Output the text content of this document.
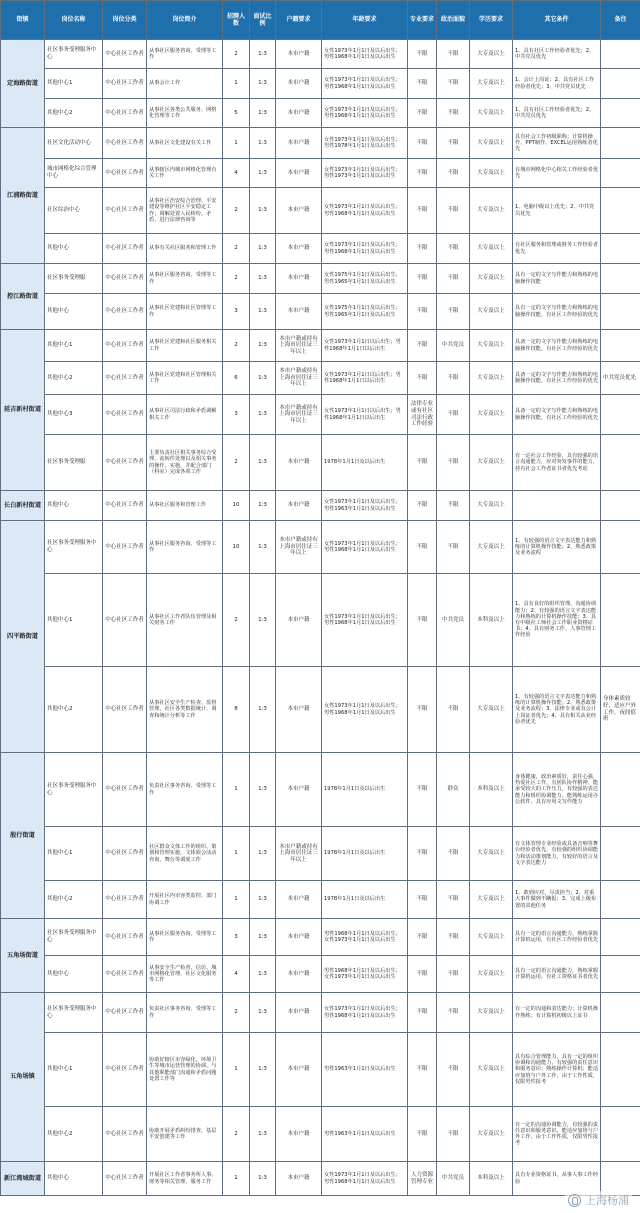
街镇	岗位名称	岗位分类	岗位简介	招聘人数	面试比例	户籍要求	年龄要求	专业要求	政治面貌	学历要求	其它条件	备注
定海路街道	社区事务受理服务中心	中心社区工作者	从事社区服务咨询、受理等工作	2	1:3	本市户籍	女性1973年1月1日及以后出生；男性1968年1月1日及以后出生	不限	不限	大专及以上	1、具有社区工作经验者优先；2、中共党员优先	
	其他中心1	中心社区工作者	从事会计工作	1	1:3	本市户籍	女性1973年1月1日及以后出生；男性1968年1月1日及以后出生	不限	不限	大专及以上	1、会计上岗证；2、具有社区工作经验者优先；3、中共党员优先	
	其他中心2	中心社区工作者	从事社区各类公共服务、网格化管理等工作	5	1:3	本市户籍	女性1973年1月1日及以后出生；男性1968年1月1日及以后出生	不限	不限	大专及以上	1、具有社区工作经验者优先；2、中共党员优先	
江浦路街道	社区文化活动中心	中心社区工作者	从事社区文化建设有关工作	1	1:3	本市户籍	女性1973年1月1日及以后出生；男性1978年1月1日及以后出生	不限	不限	大专及以上	具有社会工作初级职称；计算机操作、PPT制作、EXCEL运用熟练者优先	
	城市网格化综合管理中心	中心社区工作者	从事辖区内城市网格化管理有关工作	4	1:3	本市户籍	女性1973年1月1日及以后出生；男性1973年1月1日及以后出生	不限	不限	大专及以上	有城市网格化中心相关工作经验者优先	
	社区综治中心	中心社区工作者	从事社区治安综合治理、平安建设等维护社区平安稳定工作；调解处置人民纠纷、矛盾，进行法律咨询等	2	1:3	本市户籍	女性1973年1月1日及以后出生；男性1968年1月1日及以后出生	不限	不限	大专及以上	1、电脑中级以上优先；2、中共党员优先	
	其他中心	中心社区工作者	从事有关社区服务和管理工作	2	1:3	本市户籍	女性1973年1月1日及以后出生；男性1968年1月1日及以后出生	不限	不限	大专及以上	有社区服务和管理或财务工作经验者优先	
控江路街道	社区事务受理服	中心社区工作者	从事社区服务咨询、受理等工作	2	1:3	本市户籍	女性1975年1月1日及以后出生；男性1965年1月1日及以后出生	不限	不限	大专及以上	具有一定的文字写作能力和熟练的电脑操作技能	
	其他中心	中心社区工作者	从事社区党建和社区管理等工作	3	1:3	本市户籍	女性1975年1月1日及以后出生；男性1965年1月1日及以后出生	不限	不限	大专及以上	具有一定的文字写作能力和熟练的电脑操作技能，有社区工作经验的优先	
延吉新村街道	其他中心1	中心社区工作者	从事社区党建和社区服务相关工作	2	1:3	本市户籍或持有上海市居住证三年以上	女性1973年1月1日以后出生；男性1968年1月1日以后出生	不限	中共党员	大专及以上	具备一定的文字写作能力和熟练的电脑操作技能，有社区工作经验的优先	
	其他中心2	中心社区工作者	从事社区党建和社区管理相关工作	6	1:3	本市户籍或持有上海市居住证三年以上	女性1973年1月1日以后出生；男性1968年1月1日以后出生	不限	不限	大专及以上	具备一定的文字写作能力和熟练的电脑操作技能，有社区工作经验的优先	中共党员优先
	其他中心3	中心社区工作者	从事社区司法行政和矛盾调解相关工作	3	1:3	本市户籍或持有上海市居住证三年以上	女性1973年1月1日以后出生；男性1968年1月1日以后出生	法律专业或有社区司法行政工作经验	不限	大专及以上	具备一定的文字写作能力和熟练的电脑操作技能，有社区工作经验的优先	
	社区事务受理服	中心社区工作者	主要负责社区相关事务综合受理、流转件处理以及相关事务的操作、实施，并配合部门（科室）完成各项工作	2	1:3	本市户籍	1978年1月1日及以后出生	不限	不限	大专及以上	有一定社会工作经验，具有较强的语言沟通能力，应对突发事件的能力，持有社会工作者证书者优先考虑	
长白新村街道	其他中心	中心社区工作者	从事社区服务和管理工作	10	1:3	本市户籍	女性1973年1月1日及以后出生；男性1963年1月1日及以后出生	不限	不限	大专及以上		
四平路街道	社区事务受理服务中心	中心社区工作者	从事社区服务咨询、受理等工作	10	1:3	本市户籍或持有上海市居住证三年以上	女性1973年1月1日及以后出生；男性1968年1月1日及以后出生	不限	不限	大专及以上	1、有较强的语言文字表达能力和熟练的计算机操作技能；2、熟悉政策及业务流程	
	其他中心1	中心社区工作者	从事社区工作者队伍管理及相关财务工作	2	1:3	本市户籍	女性1973年1月1日及以后出生；男性1968年1月1日及以后出生	不限	中共党员	本科及以上	1、具有良好的组织管理、沟通协调能力；2、有较强的语言文字表达能力和熟练的计算机操作技能；3、具有中级社工师社会工作职业资格证书；4、具有财务工作、人事管理工作经验	
	其他中心2	中心社区工作者	从事社区安全生产检查、监督管理，社区各类数据统计、调查和统计分析等工作	8	1:3	本市户籍	女性1973年1月1日及以后出生；男性1968年1月1日及以后出生	不限	不限	大专及以上	1、有较强的语言文字表达能力和熟练的计算机操作技能；2、熟悉政策及业务流程；3、法律专业或有会计上岗证者优先；4、具有相关从业经验者优先	身体素质较好，适应户外工作，夜间值班
殷行街道	社区事务受理服务中心	中心社区工作者	负责社区事务咨询、受理等工作	1	1:3	本市户籍	1978年1月1日及以后出生	不限	群众	本科及以上	身体健康，政治素质好，责任心强，热爱社区工作，有团队协作精神，能承受较大的工作压力，有较强的表达能力和组织协调能力，能熟练运用办公软件，具有应用文写作能力	
	其他中心1	中心社区工作者	社区群众文体工作的组织、策划和管理实施，文体娱会活动咨询、舞台等调度工作	1	1:3	本市户籍或持有上海市居住证三年以上	1978年1月1日及以后出生	不限	不限	大专及以上	有文体管理专业经验或具备音响等舞台经验者优先，有较强的组织协调能力和活动策划能力，有较好的语言及文字表达能力	
	其他中心2	中心社区工作者	开展社区内市容类监控、部门协调工作	1	1:3	本市户籍	1978年1月1日及以后出生	不限	不限	大专及以上	1、敢到应对，尽责担当；2、对重大事件做到不瞒报；3、完成上级布置的其他任务	
五角场街道	社区事务受理服务中心	中心社区工作者	从事社区服务咨询、受理等工作	3	1:3	本市户籍	男性1968年1月1日及以后出生；女性1973年1月1日及以后出生	不限	不限	大专及以上	具有一定的语言沟通能力，熟练掌握计算机运用，有社区工作经验者优先	
	其他中心	中心社区工作者	从事安全生产检查、信访、城市网格化管理、社区文化服务等工作	4	1:3	本市户籍	男性1968年1月1日及以后出生；女性1973年1月1日及以后出生	不限	不限	大专及以上	具有一定的语言沟通能力，熟练掌握计算机运用，有社工资格证书者优先	
五角场镇	社区事务受理服务中心	中心社区工作者	负责社区事务咨询、受理等工作	2	1:3	本市户籍	女性1973年1月1日及以后出生；男性1968年1月1日及以后出生	不限	不限	大专及以上	有一定的沟通和表达能力；计算机操作熟练；有计算机初级以上证书	
	其他中心1	中心社区工作者	协助好辖区市容绿化、环境卫生等城市运营管理的协调，与其他职能部门沟通和矛盾问题处置工作等	1	1:3	本市户籍	男性1963年1月1日及以后出生	不限	不限	大专及以上	具有综合管理能力，具有一定的组织协调和沟通能力，有较强的责任意识和服务意识；熟练操作计算机；能适应加班与户外工作，由于工作性质，仅限男性报考	
	其他中心2	中心社区工作者	协助开展矛盾纠纷排查、基层平安创建等工作	2	1:3	本市户籍	男性1963年1月1日及以后出生	不限	不限	大专及以上	有一定的沟通协调能力，有较强的责任意识和服务意识，能适应加班与户外工作，由于工作性质，仅限男性报考	
新江湾城街道	其他中心	中心社区工作者	开展社区工作者事务所人事、财务等相关管理、服务工作	1	1:3	本市户籍	女性1973年1月1日及以后出生；男性1968年1月1日及以后出生	人力资源管理专业	中共党员	本科及以上	具有专业资格证书，从事人事工作经验	
上海杨浦
